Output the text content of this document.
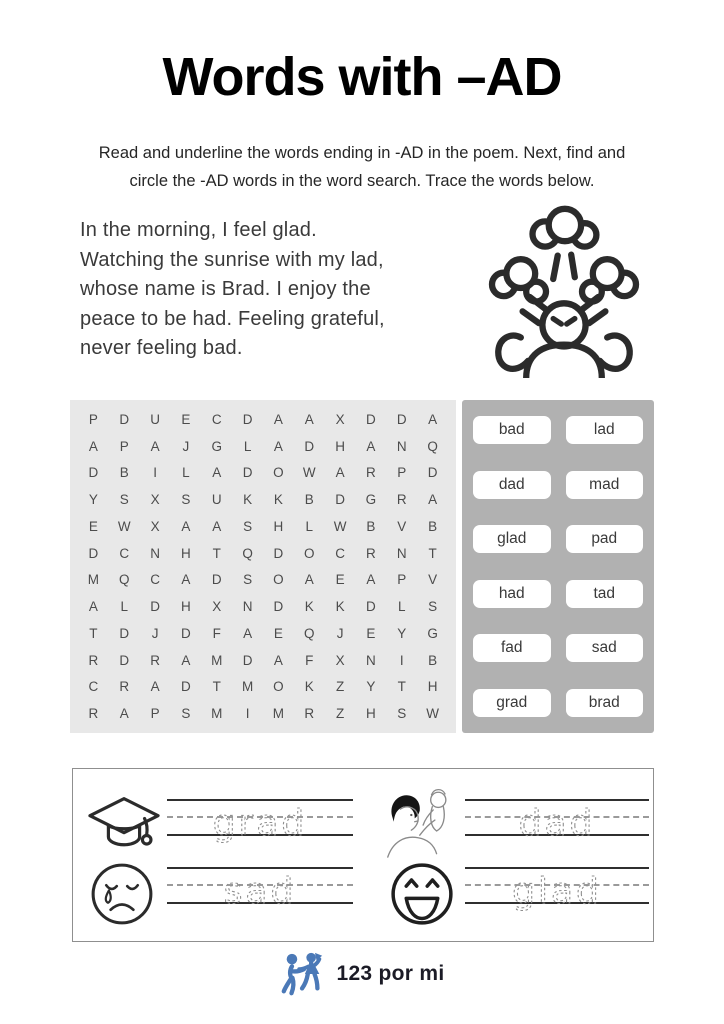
Words with –AD
Read and underline the words ending in -AD in the poem. Next, find and circle the -AD words in the word search. Trace the words below.
In the morning, I feel glad.
Watching the sunrise with my lad,
whose name is Brad. I enjoy the
peace to be had. Feeling grateful,
never feeling bad.
P D U E C D A A X D D A
A P A J G L A D H A N Q
D B I L A D O W A R P D
Y S X S U K K B D G R A
E W X A A S H L W B V B
D C N H T Q D O C R N T
M Q C A D S O A E A P V
A L D H X N D K K D L S
T D J D F A E Q J E Y G
R D R A M D A F X N I B
C R A D T M O K Z Y T H
R A P S M I M R Z H S W
bad	lad
dad	mad
glad	pad
had	tad
fad	sad
grad	brad
grad	dad
sad	glad
123 por mi
